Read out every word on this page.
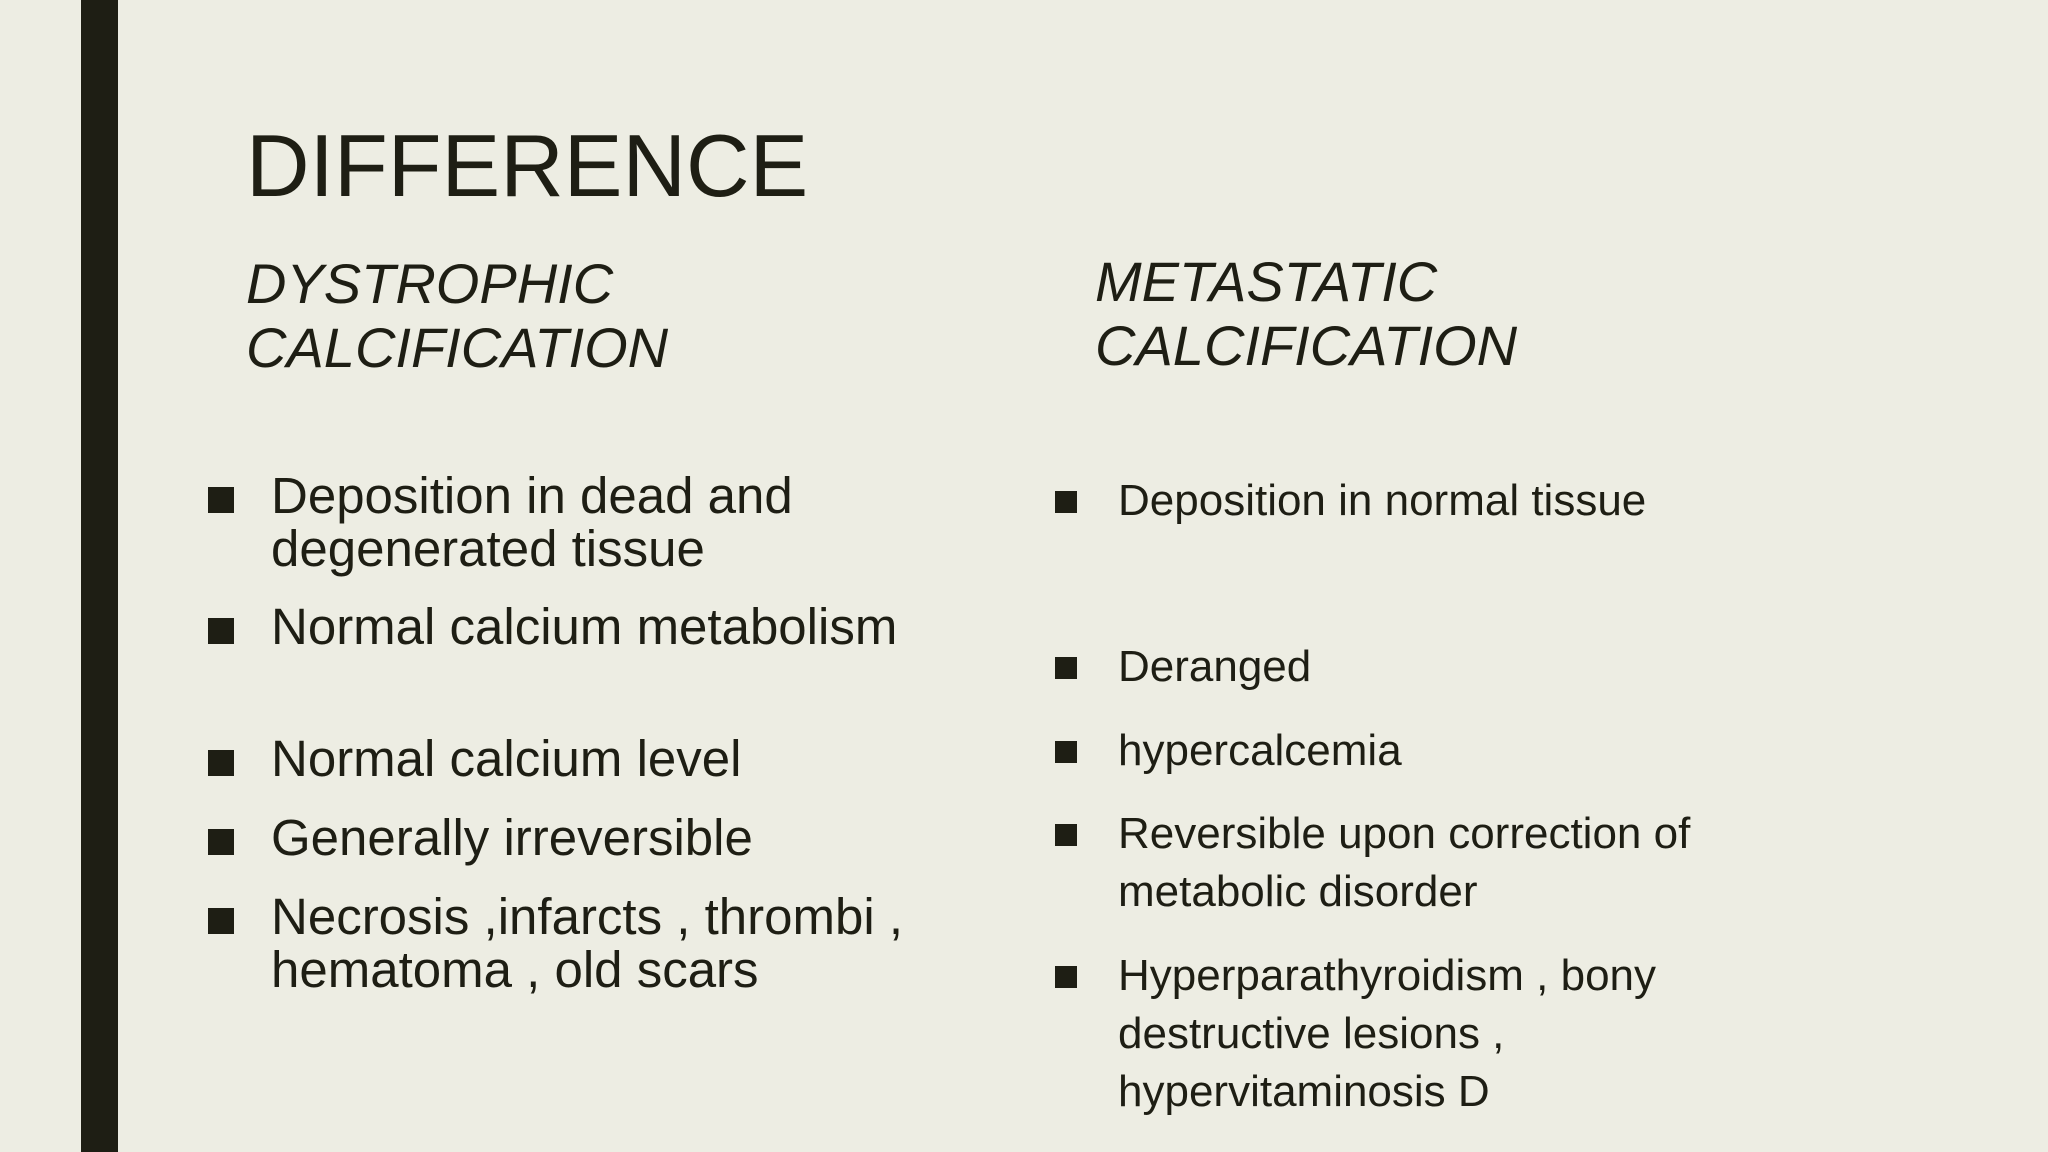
DIFFERENCE
DYSTROPHIC
CALCIFICATION
METASTATIC
CALCIFICATION
Deposition in dead and degenerated tissue
Normal calcium metabolism
Normal calcium level
Generally irreversible
Necrosis ,infarcts , thrombi , hematoma , old scars
Deposition in normal tissue
Deranged
hypercalcemia
Reversible upon correction of metabolic disorder
Hyperparathyroidism , bony destructive lesions , hypervitaminosis D
